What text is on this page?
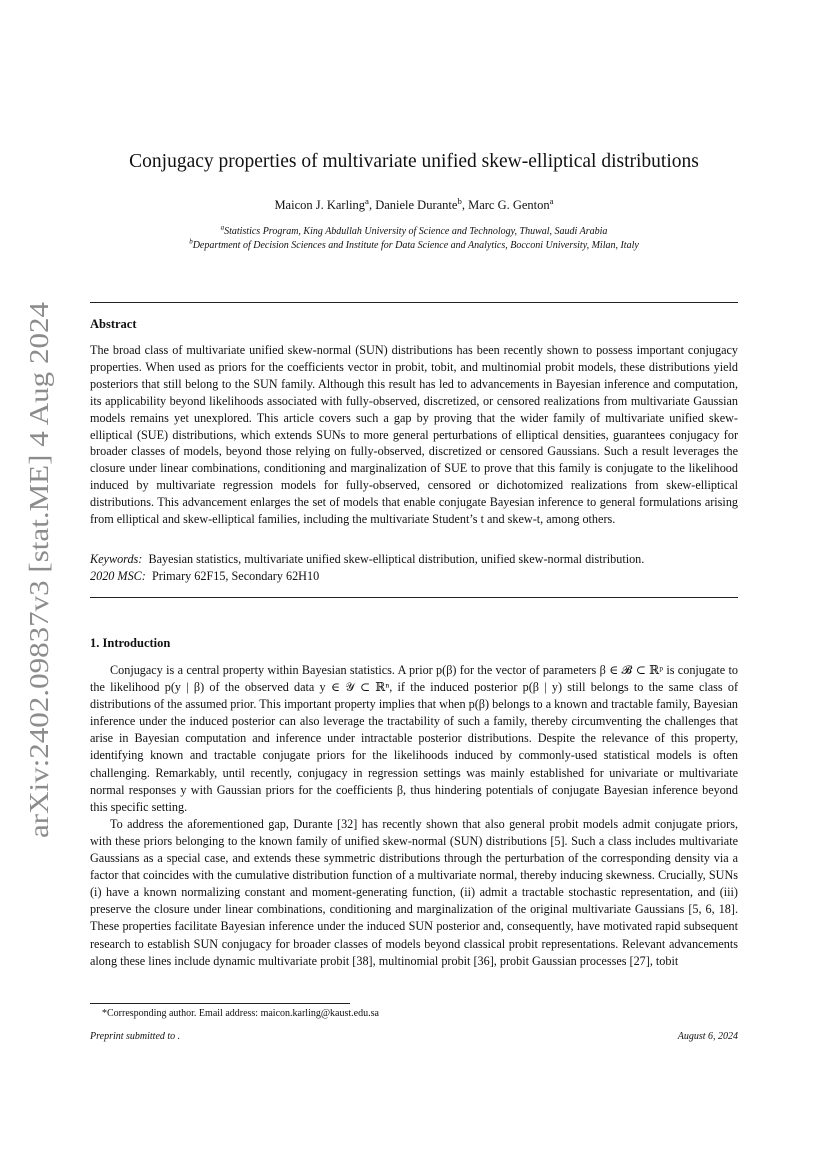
arXiv:2402.09837v3 [stat.ME] 4 Aug 2024
Conjugacy properties of multivariate unified skew-elliptical distributions
Maicon J. Karling$^a$, Daniele Durante$^b$, Marc G. Genton$^a$
$^a$Statistics Program, King Abdullah University of Science and Technology, Thuwal, Saudi Arabia
$^b$Department of Decision Sciences and Institute for Data Science and Analytics, Bocconi University, Milan, Italy
Abstract
The broad class of multivariate unified skew-normal (SUN) distributions has been recently shown to possess important conjugacy properties. When used as priors for the coefficients vector in probit, tobit, and multinomial probit models, these distributions yield posteriors that still belong to the SUN family. Although this result has led to advancements in Bayesian inference and computation, its applicability beyond likelihoods associated with fully-observed, discretized, or censored realizations from multivariate Gaussian models remains yet unexplored. This article covers such a gap by proving that the wider family of multivariate unified skew-elliptical (SUE) distributions, which extends SUNs to more general perturbations of elliptical densities, guarantees conjugacy for broader classes of models, beyond those relying on fully-observed, discretized or censored Gaussians. Such a result leverages the closure under linear combinations, conditioning and marginalization of SUE to prove that this family is conjugate to the likelihood induced by multivariate regression models for fully-observed, censored or dichotomized realizations from skew-elliptical distributions. This advancement enlarges the set of models that enable conjugate Bayesian inference to general formulations arising from elliptical and skew-elliptical families, including the multivariate Student’s t and skew-t, among others.
Keywords: Bayesian statistics, multivariate unified skew-elliptical distribution, unified skew-normal distribution.
2020 MSC: Primary 62F15, Secondary 62H10
1. Introduction

Conjugacy is a central property within Bayesian statistics. A prior p(β) for the vector of parameters β ∈ 𝓑 ⊂ ℝᵖ is conjugate to the likelihood p(y | β) of the observed data y ∈ 𝒴 ⊂ ℝⁿ, if the induced posterior p(β | y) still belongs to the same class of distributions of the assumed prior. This important property implies that when p(β) belongs to a known and tractable family, Bayesian inference under the induced posterior can also leverage the tractability of such a family, thereby circumventing the challenges that arise in Bayesian computation and inference under intractable posterior distributions. Despite the relevance of this property, identifying known and tractable conjugate priors for the likelihoods induced by commonly-used statistical models is often challenging. Remarkably, until recently, conjugacy in regression settings was mainly established for univariate or multivariate normal responses y with Gaussian priors for the coefficients β, thus hindering potentials of conjugate Bayesian inference beyond this specific setting.

To address the aforementioned gap, Durante [32] has recently shown that also general probit models admit conjugate priors, with these priors belonging to the known family of unified skew-normal (SUN) distributions [5]. Such a class includes multivariate Gaussians as a special case, and extends these symmetric distributions through the perturbation of the corresponding density via a factor that coincides with the cumulative distribution function of a multivariate normal, thereby inducing skewness. Crucially, SUNs (i) have a known normalizing constant and moment-generating function, (ii) admit a tractable stochastic representation, and (iii) preserve the closure under linear combinations, conditioning and marginalization of the original multivariate Gaussians [5, 6, 18]. These properties facilitate Bayesian inference under the induced SUN posterior and, consequently, have motivated rapid subsequent research to establish SUN conjugacy for broader classes of models beyond classical probit representations. Relevant advancements along these lines include dynamic multivariate probit [38], multinomial probit [36], probit Gaussian processes [27], tobit

*Corresponding author. Email address: maicon.karling@kaust.edu.sa
Preprint submitted to .	August 6, 2024
